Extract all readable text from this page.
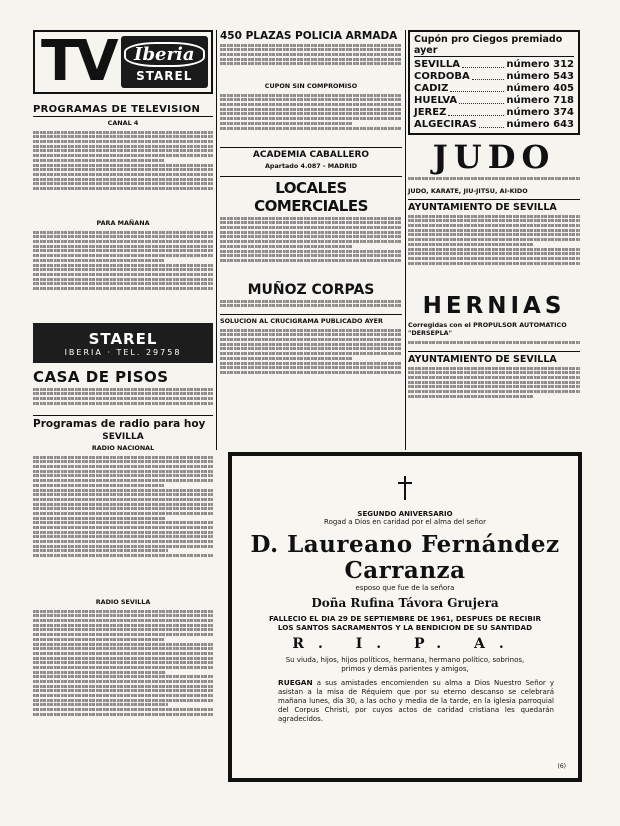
TV	Iberia
STAREL
PROGRAMAS DE TELEVISION
CANAL 4
PARA MAÑANA
STAREL
IBERIA · TEL. 29758
CASA DE PISOS
Programas de radio para hoy
SEVILLA
RADIO NACIONAL
RADIO SEVILLA
450 PLAZAS POLICIA ARMADA
CUPON SIN COMPROMISO
ACADEMIA CABALLERO
Apartado 4.087 - MADRID
LOCALES COMERCIALES
MUÑOZ CORPAS
SOLUCION AL CRUCIGRAMA PUBLICADO AYER
Cupón pro Ciegos premiado ayer
SEVILLA	número 312
CORDOBA	número 543
CADIZ	número 405
HUELVA	número 718
JEREZ	número 374
ALGECIRAS	número 643
JUDO
JUDO, KARATE, JIU-JITSU, AI-KIDO
AYUNTAMIENTO DE SEVILLA
HERNIAS
Corregidas con el PROPULSOR AUTOMATICO "DERSEPLA"
AYUNTAMIENTO DE SEVILLA
SEGUNDO ANIVERSARIO
Rogad a Dios en caridad por el alma del señor
D. Laureano Fernández
Carranza
esposo que fue de la señora
Doña Rufina Távora Grujera
FALLECIO EL DIA 29 DE SEPTIEMBRE DE 1961, DESPUES DE RECIBIR
LOS SANTOS SACRAMENTOS Y LA BENDICION DE SU SANTIDAD
R. I. P. A.
Su viuda, hijos, hijos políticos, hermana, hermano político, sobrinos,
primos y demás parientes y amigos,
RUEGAN a sus amistades encomienden su alma a Dios Nuestro Señor y asistan a la misa de Réquiem que por su eterno descanso se celebrará mañana lunes, día 30, a las ocho y media de la tarde, en la iglesia parroquial del Corpus Christi, por cuyos actos de caridad cristiana les quedarán agradecidos.
(6)
